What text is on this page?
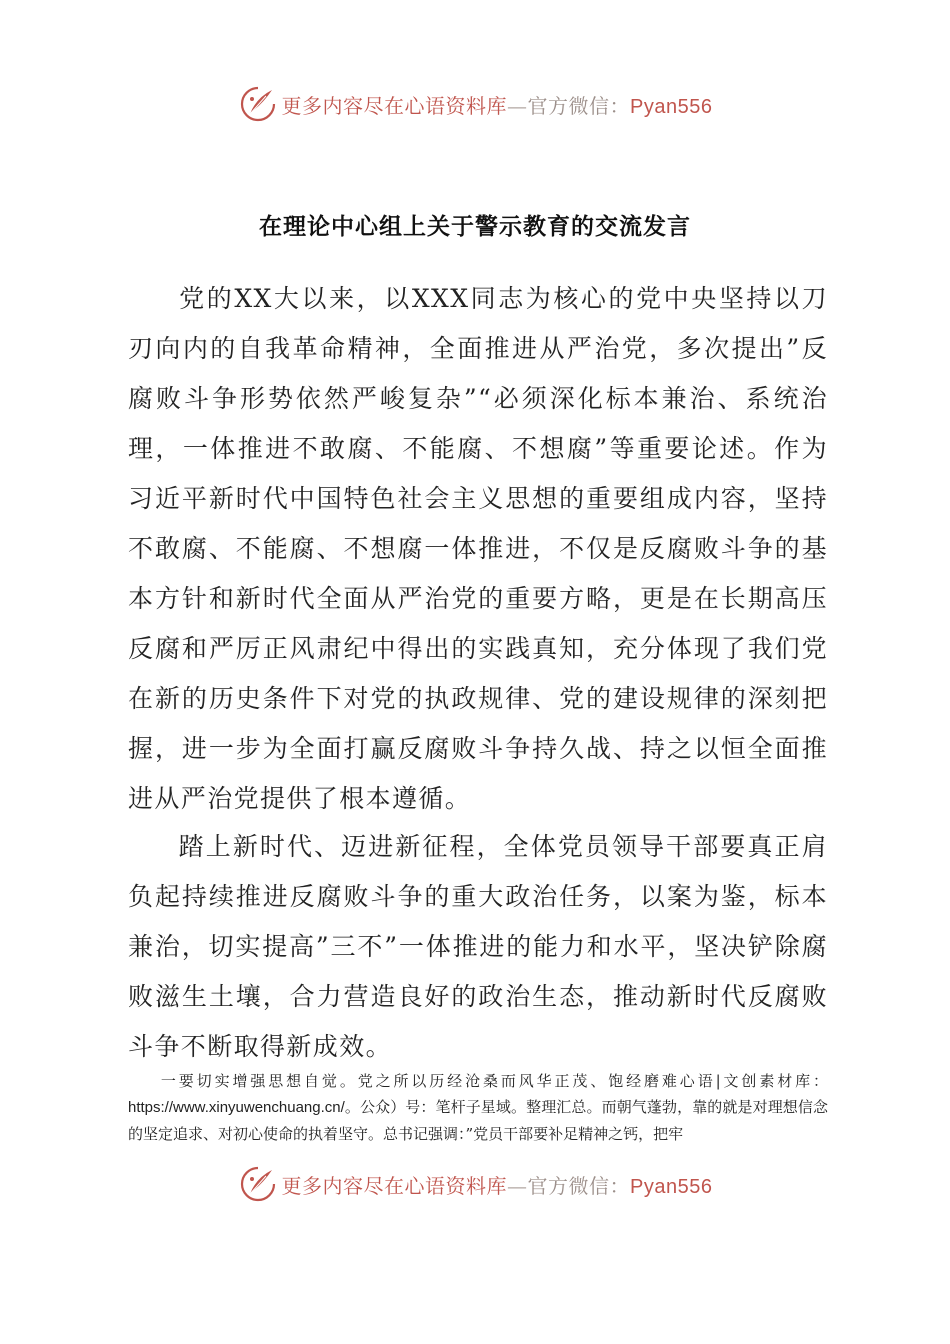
更多内容尽在心语资料库—官方微信：Pyan556
在理论中心组上关于警示教育的交流发言
党的XX大以来，以XXX同志为核心的党中央坚持以刀刃向内的自我革命精神，全面推进从严治党，多次提出”反腐败斗争形势依然严峻复杂”“必须深化标本兼治、系统治理，一体推进不敢腐、不能腐、不想腐”等重要论述。作为习近平新时代中国特色社会主义思想的重要组成内容，坚持不敢腐、不能腐、不想腐一体推进，不仅是反腐败斗争的基本方针和新时代全面从严治党的重要方略，更是在长期高压反腐和严厉正风肃纪中得出的实践真知，充分体现了我们党在新的历史条件下对党的执政规律、党的建设规律的深刻把握，进一步为全面打赢反腐败斗争持久战、持之以恒全面推进从严治党提供了根本遵循。
踏上新时代、迈进新征程，全体党员领导干部要真正肩负起持续推进反腐败斗争的重大政治任务，以案为鉴，标本兼治，切实提高”三不”一体推进的能力和水平，坚决铲除腐败滋生土壤，合力营造良好的政治生态，推动新时代反腐败斗争不断取得新成效。
一要切实增强思想自觉。党之所以历经沧桑而风华正茂、饱经磨难心语|文创素材库：https://www.xinyuwenchuang.cn/。公众）号：笔杆子星域。整理汇总。而朝气蓬勃，靠的就是对理想信念的坚定追求、对初心使命的执着坚守。总书记强调：”党员干部要补足精神之钙，把牢
更多内容尽在心语资料库—官方微信：Pyan556
